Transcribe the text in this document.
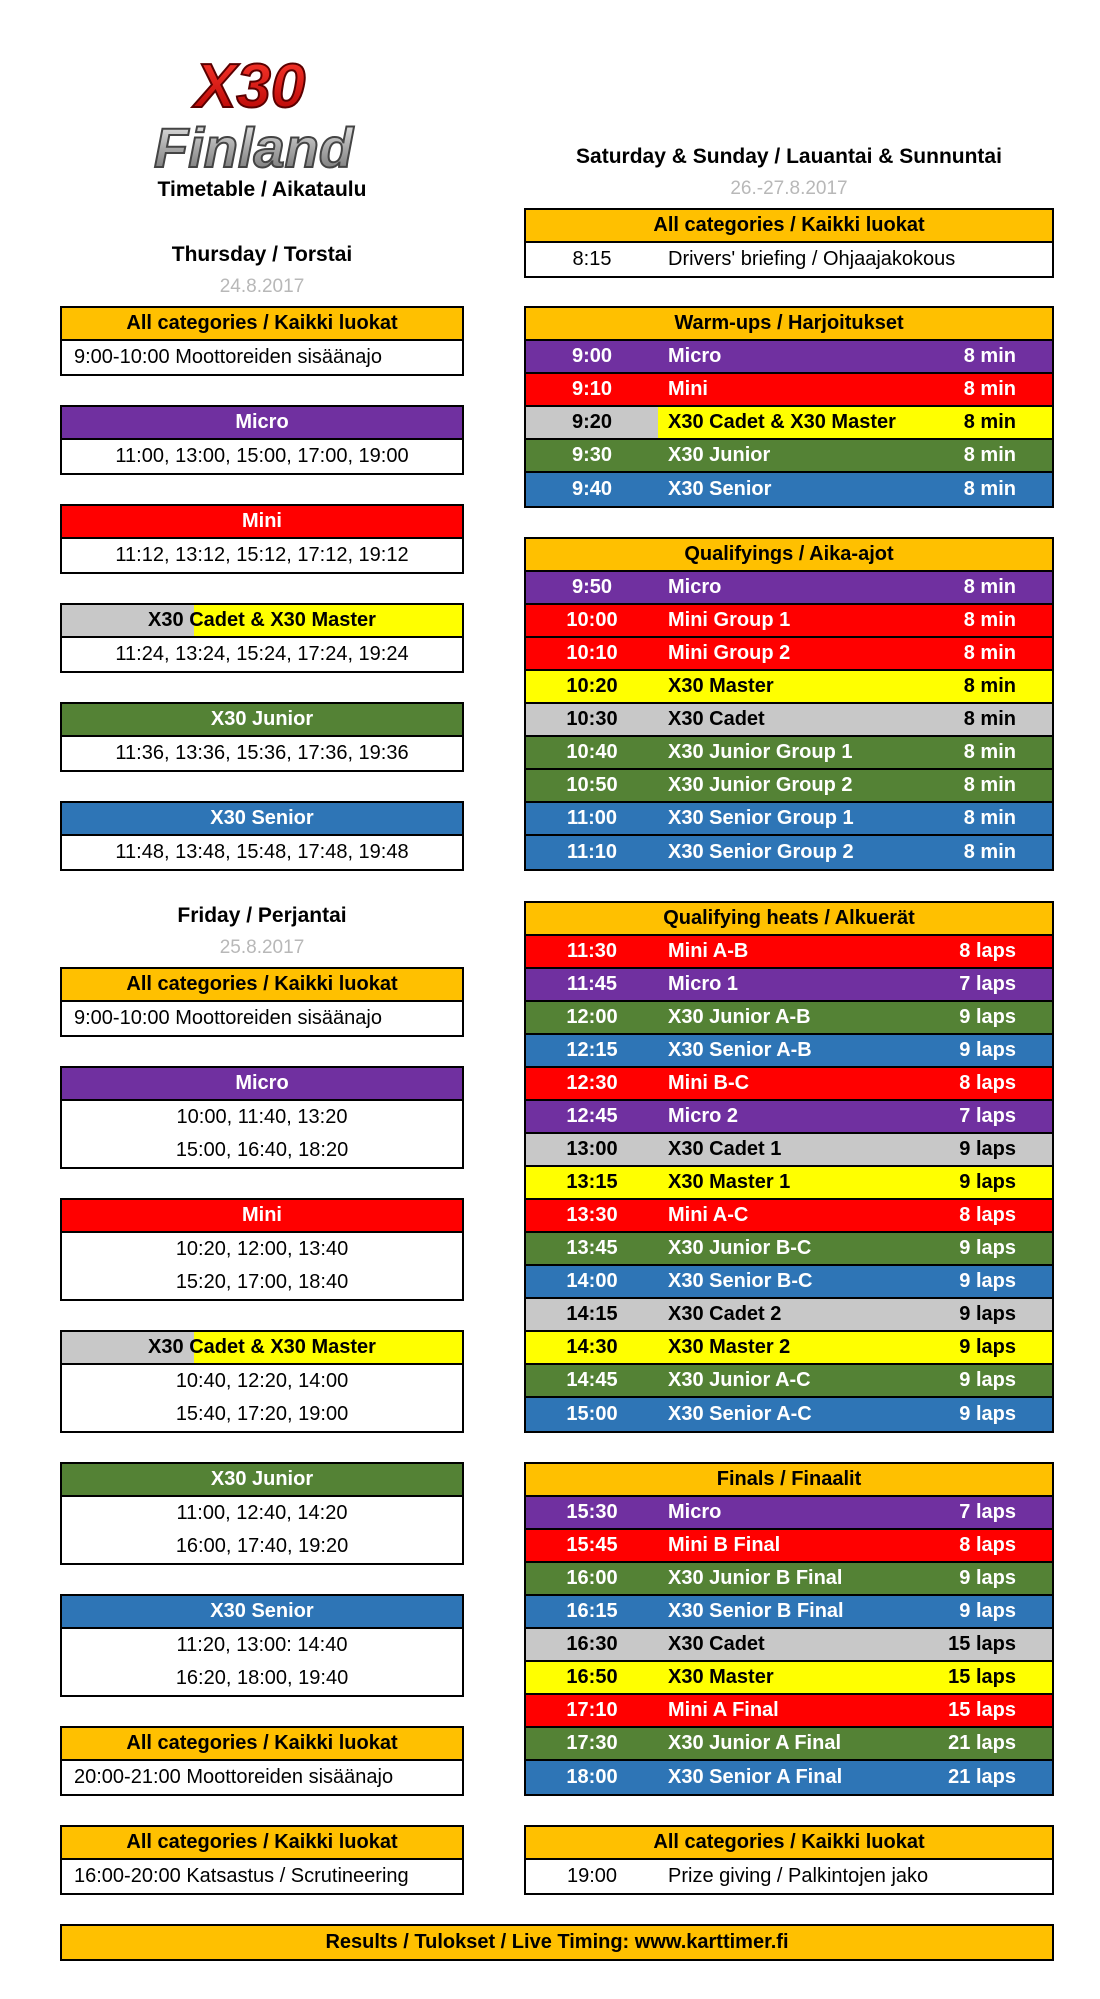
X30
Finland
Timetable / Aikataulu
Thursday / Torstai
24.8.2017
Saturday & Sunday / Lauantai & Sunnuntai
26.-27.8.2017
All categories / Kaikki luokat
9:00-10:00 Moottoreiden sisäänajo
Micro
11:00, 13:00, 15:00, 17:00, 19:00
Mini
11:12, 13:12, 15:12, 17:12, 19:12
X30 Cadet & X30 Master
11:24, 13:24, 15:24, 17:24, 19:24
X30 Junior
11:36, 13:36, 15:36, 17:36, 19:36
X30 Senior
11:48, 13:48, 15:48, 17:48, 19:48
Friday / Perjantai
25.8.2017
All categories / Kaikki luokat
9:00-10:00 Moottoreiden sisäänajo
Micro
10:00, 11:40, 13:20
15:00, 16:40, 18:20
Mini
10:20, 12:00, 13:40
15:20, 17:00, 18:40
X30 Cadet & X30 Master
10:40, 12:20, 14:00
15:40, 17:20, 19:00
X30 Junior
11:00, 12:40, 14:20
16:00, 17:40, 19:20
X30 Senior
11:20, 13:00: 14:40
16:20, 18:00, 19:40
All categories / Kaikki luokat
20:00-21:00 Moottoreiden sisäänajo
All categories / Kaikki luokat
16:00-20:00 Katsastus / Scrutineering
All categories / Kaikki luokat
8:15	Drivers' briefing / Ohjaajakokous
Warm-ups / Harjoitukset
9:00	Micro	8 min
9:10	Mini	8 min
9:20	X30 Cadet & X30 Master	8 min
9:30	X30 Junior	8 min
9:40	X30 Senior	8 min
Qualifyings / Aika-ajot
9:50	Micro	8 min
10:00	Mini Group 1	8 min
10:10	Mini Group 2	8 min
10:20	X30 Master	8 min
10:30	X30 Cadet	8 min
10:40	X30 Junior Group 1	8 min
10:50	X30 Junior Group 2	8 min
11:00	X30 Senior Group 1	8 min
11:10	X30 Senior Group 2	8 min
Qualifying heats / Alkuerät
11:30	Mini A-B	8 laps
11:45	Micro 1	7 laps
12:00	X30 Junior A-B	9 laps
12:15	X30 Senior A-B	9 laps
12:30	Mini B-C	8 laps
12:45	Micro 2	7 laps
13:00	X30 Cadet 1	9 laps
13:15	X30 Master 1	9 laps
13:30	Mini A-C	8 laps
13:45	X30 Junior B-C	9 laps
14:00	X30 Senior B-C	9 laps
14:15	X30 Cadet 2	9 laps
14:30	X30 Master 2	9 laps
14:45	X30 Junior A-C	9 laps
15:00	X30 Senior A-C	9 laps
Finals / Finaalit
15:30	Micro	7 laps
15:45	Mini B Final	8 laps
16:00	X30 Junior B Final	9 laps
16:15	X30 Senior B Final	9 laps
16:30	X30 Cadet	15 laps
16:50	X30 Master	15 laps
17:10	Mini A Final	15 laps
17:30	X30 Junior A Final	21 laps
18:00	X30 Senior A Final	21 laps
All categories / Kaikki luokat
19:00	Prize giving / Palkintojen jako
Results / Tulokset / Live Timing: www.karttimer.fi
